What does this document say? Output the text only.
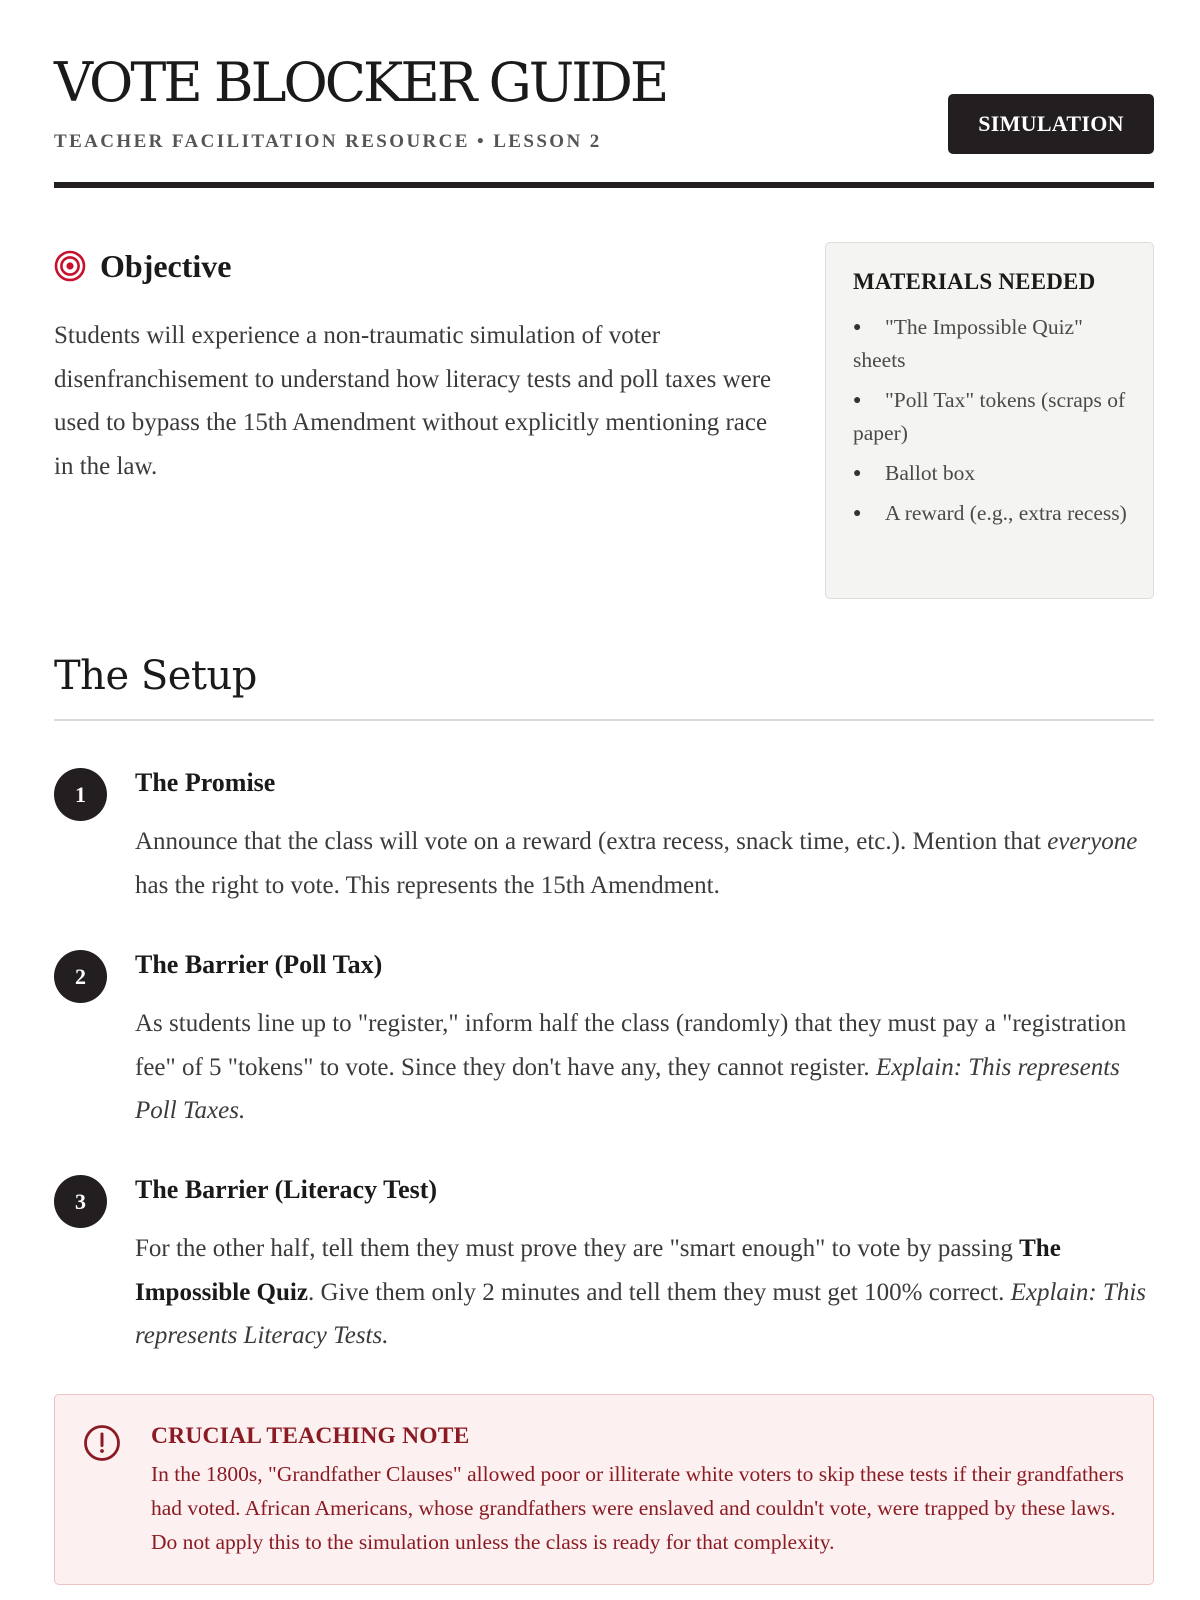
VOTE BLOCKER GUIDE
TEACHER FACILITATION RESOURCE • LESSON 2
SIMULATION
Objective

Students will experience a non-traumatic simulation of voter disenfranchisement to understand how literacy tests and poll taxes were used to bypass the 15th Amendment without explicitly mentioning race in the law.

MATERIALS NEEDED
● "The Impossible Quiz" sheets
● "Poll Tax" tokens (scraps of paper)
● Ballot box
● A reward (e.g., extra recess)
The Setup
1	The Promise

Announce that the class will vote on a reward (extra recess, snack time, etc.). Mention that everyone has the right to vote. This represents the 15th Amendment.

2	The Barrier (Poll Tax)

As students line up to "register," inform half the class (randomly) that they must pay a "registration fee" of 5 "tokens" to vote. Since they don't have any, they cannot register. Explain: This represents Poll Taxes.

3	The Barrier (Literacy Test)

For the other half, tell them they must prove they are "smart enough" to vote by passing The Impossible Quiz. Give them only 2 minutes and tell them they must get 100% correct. Explain: This represents Literacy Tests.

CRUCIAL TEACHING NOTE

In the 1800s, "Grandfather Clauses" allowed poor or illiterate white voters to skip these tests if their grandfathers had voted. African Americans, whose grandfathers were enslaved and couldn't vote, were trapped by these laws. Do not apply this to the simulation unless the class is ready for that complexity.
